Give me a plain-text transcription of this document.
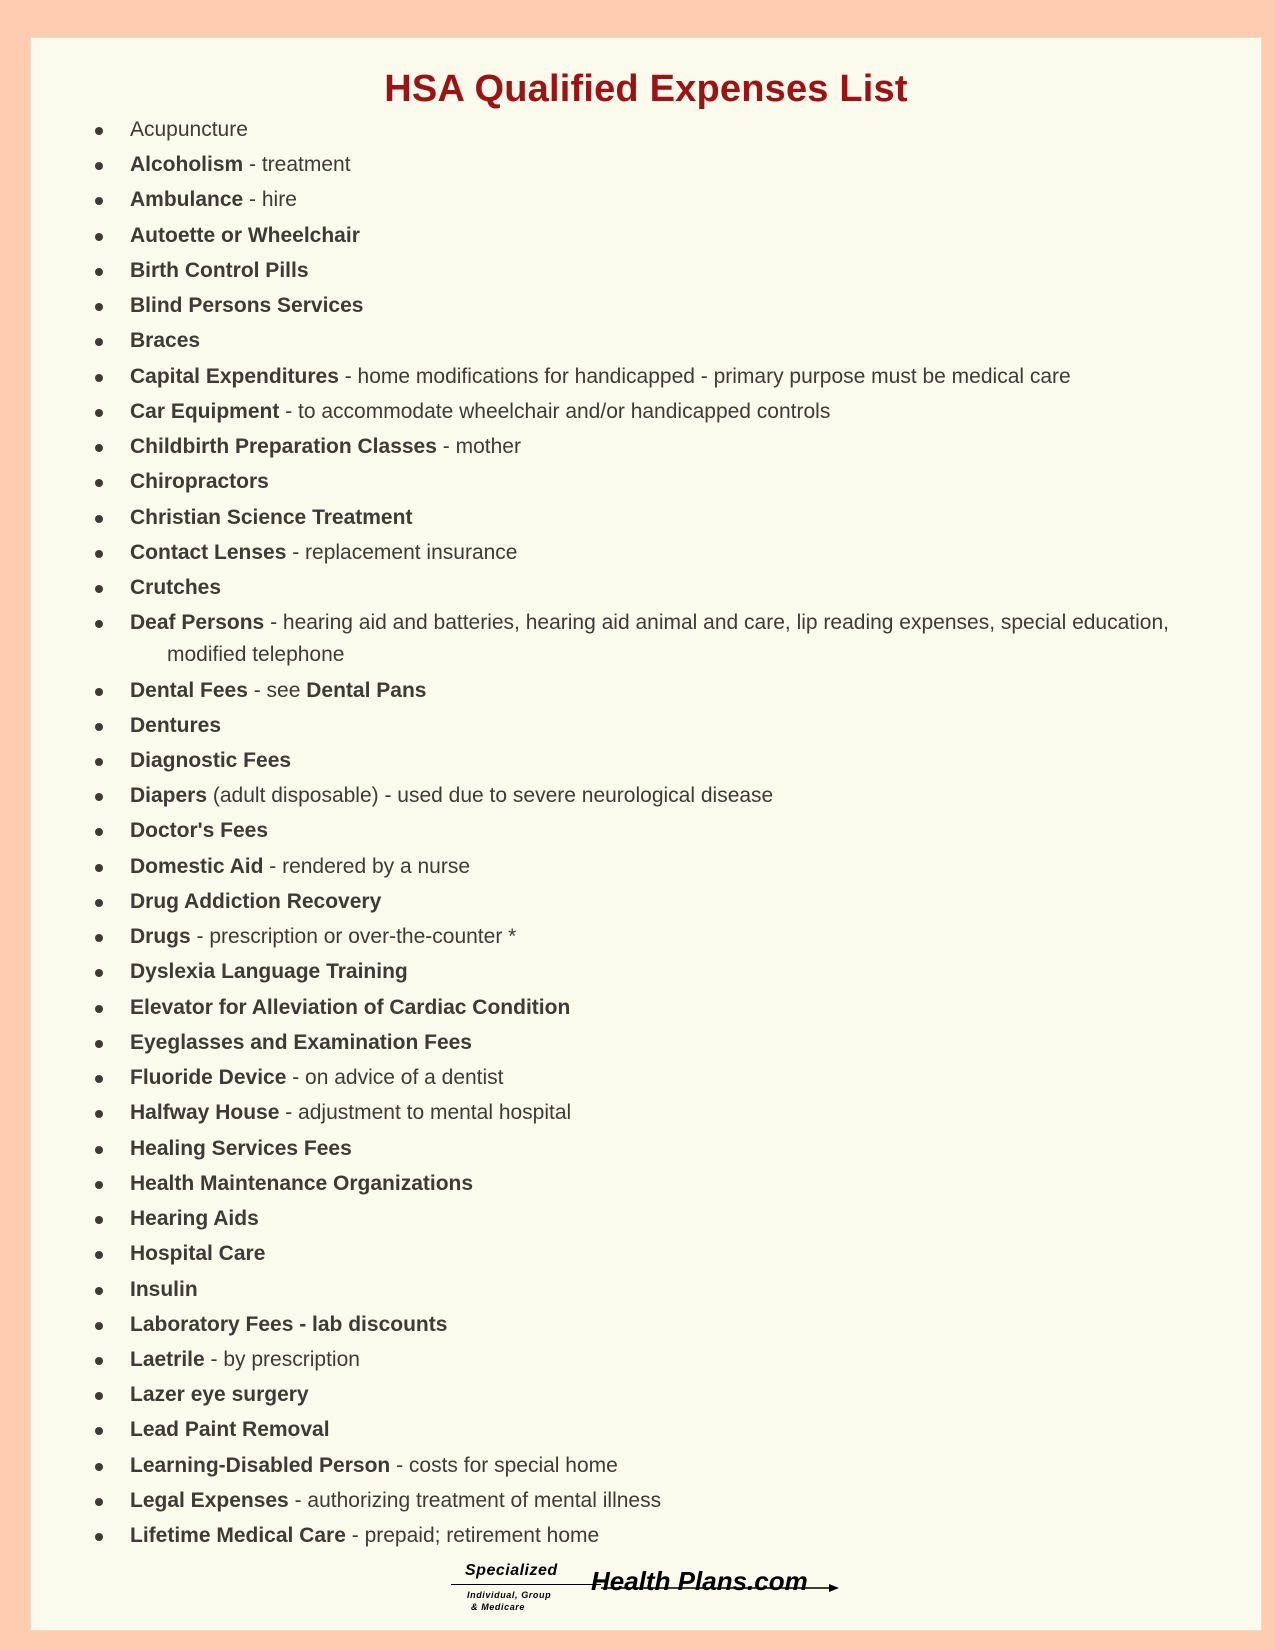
HSA Qualified Expenses List
Acupuncture
Alcoholism - treatment
Ambulance - hire
Autoette or Wheelchair
Birth Control Pills
Blind Persons Services
Braces
Capital Expenditures - home modifications for handicapped - primary purpose must be medical care
Car Equipment - to accommodate wheelchair and/or handicapped controls
Childbirth Preparation Classes - mother
Chiropractors
Christian Science Treatment
Contact Lenses - replacement insurance
Crutches
Deaf Persons - hearing aid and batteries, hearing aid animal and care, lip reading expenses, special education,
modified telephone
Dental Fees - see Dental Pans
Dentures
Diagnostic Fees
Diapers (adult disposable) - used due to severe neurological disease
Doctor's Fees
Domestic Aid - rendered by a nurse
Drug Addiction Recovery
Drugs - prescription or over-the-counter *
Dyslexia Language Training
Elevator for Alleviation of Cardiac Condition
Eyeglasses and Examination Fees
Fluoride Device - on advice of a dentist
Halfway House - adjustment to mental hospital
Healing Services Fees
Health Maintenance Organizations
Hearing Aids
Hospital Care
Insulin
Laboratory Fees - lab discounts
Laetrile - by prescription
Lazer eye surgery
Lead Paint Removal
Learning-Disabled Person - costs for special home
Legal Expenses - authorizing treatment of mental illness
Lifetime Medical Care - prepaid; retirement home
Specialized
Individual, Group
& Medicare
Health Plans.com
